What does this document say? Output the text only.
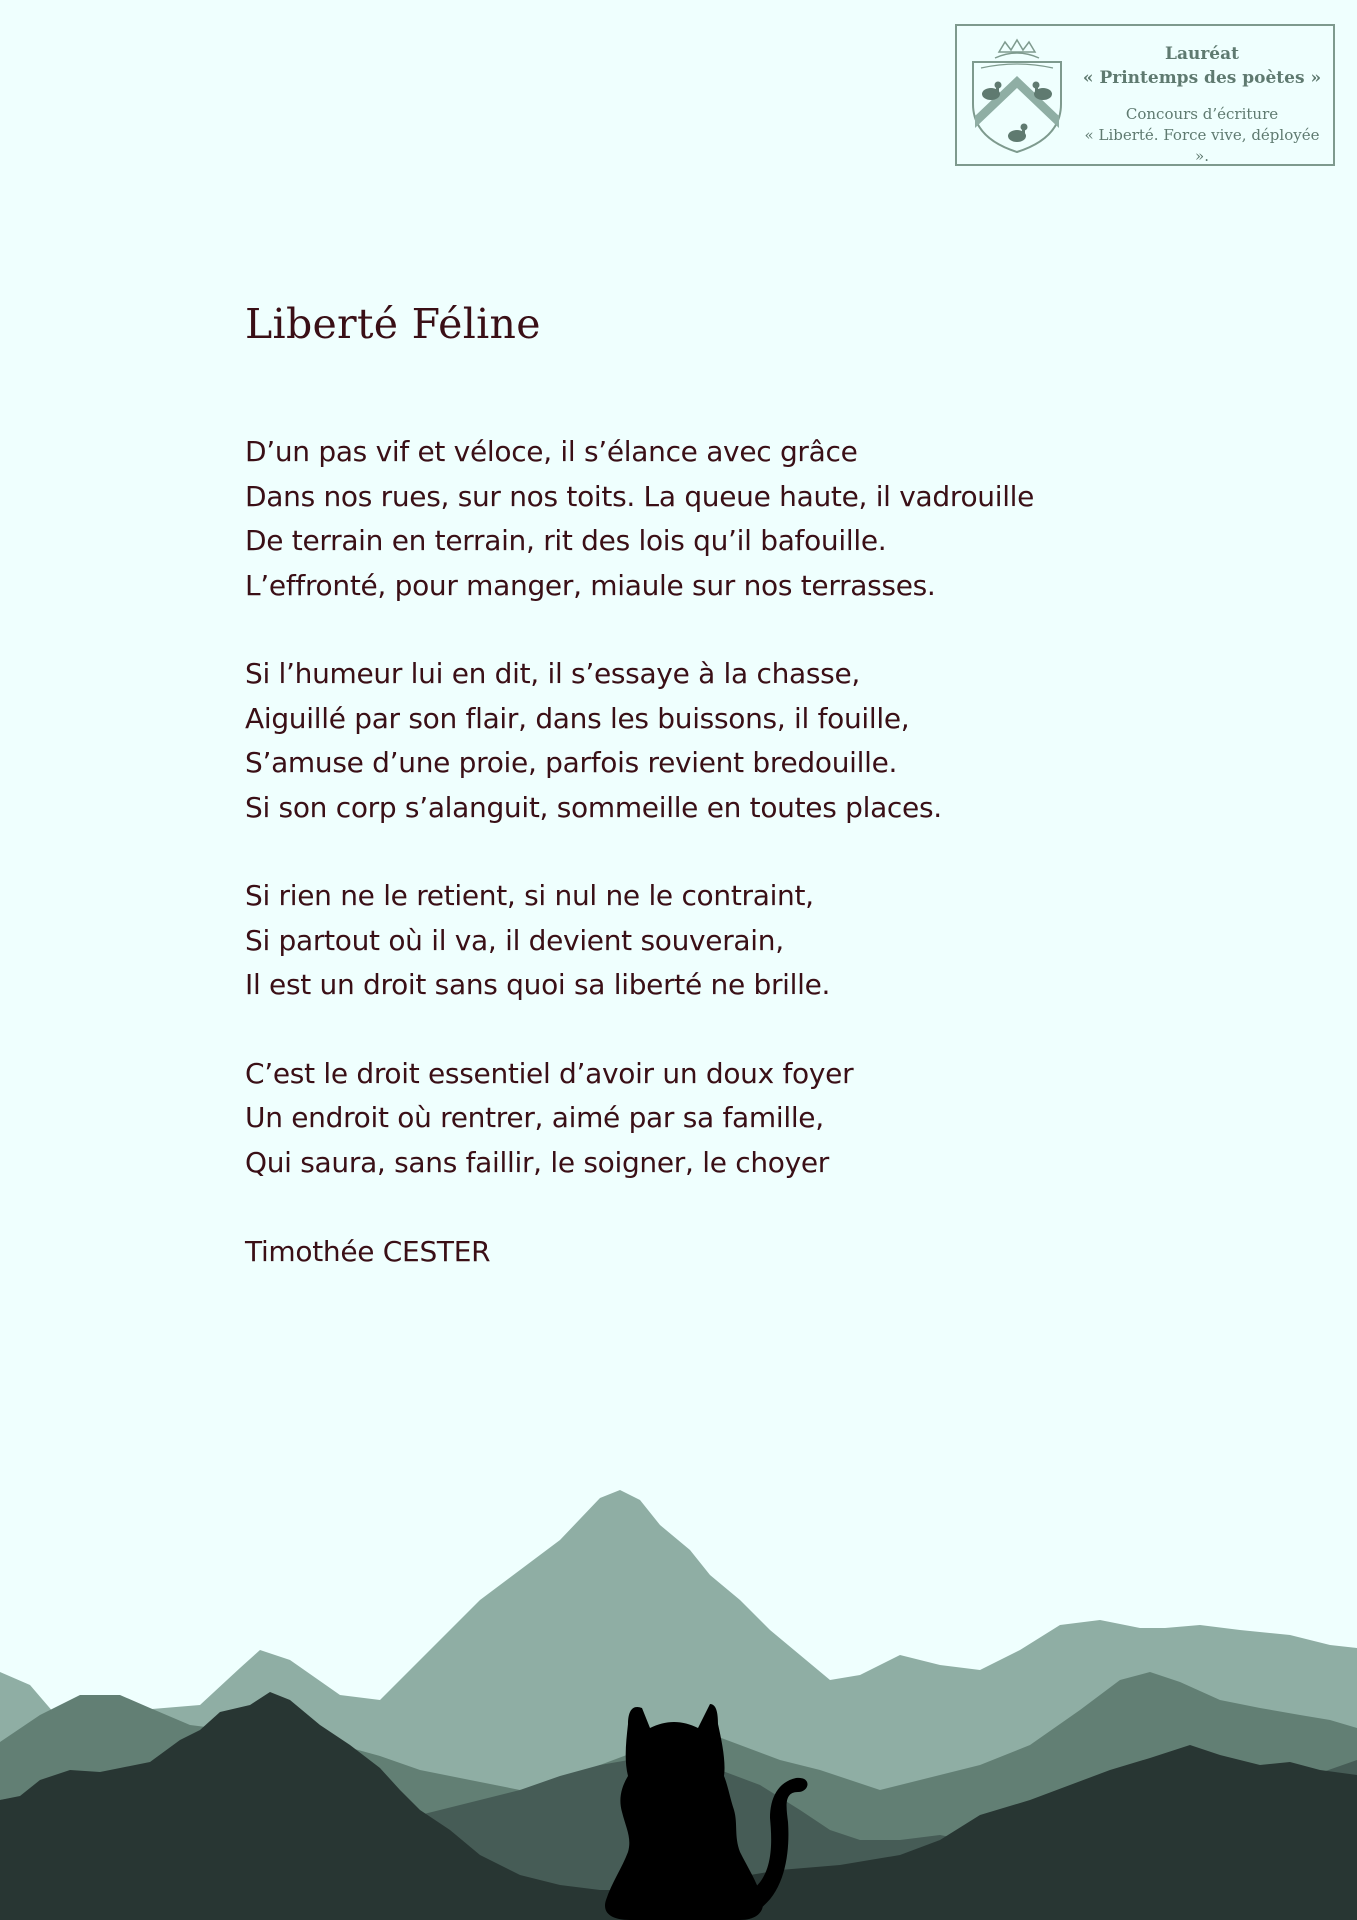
Lauréat
« Printemps des poètes »
Concours d’écriture
« Liberté. Force vive, déployée ».
Liberté Féline
D’un pas vif et véloce, il s’élance avec grâce
Dans nos rues, sur nos toits. La queue haute, il vadrouille
De terrain en terrain, rit des lois qu’il bafouille.
L’effronté, pour manger, miaule sur nos terrasses.
Si l’humeur lui en dit, il s’essaye à la chasse,
Aiguillé par son flair, dans les buissons, il fouille,
S’amuse d’une proie, parfois revient bredouille.
Si son corp s’alanguit, sommeille en toutes places.
Si rien ne le retient, si nul ne le contraint,
Si partout où il va, il devient souverain,
Il est un droit sans quoi sa liberté ne brille.
C’est le droit essentiel d’avoir un doux foyer
Un endroit où rentrer, aimé par sa famille,
Qui saura, sans faillir, le soigner, le choyer
Timothée CESTER
